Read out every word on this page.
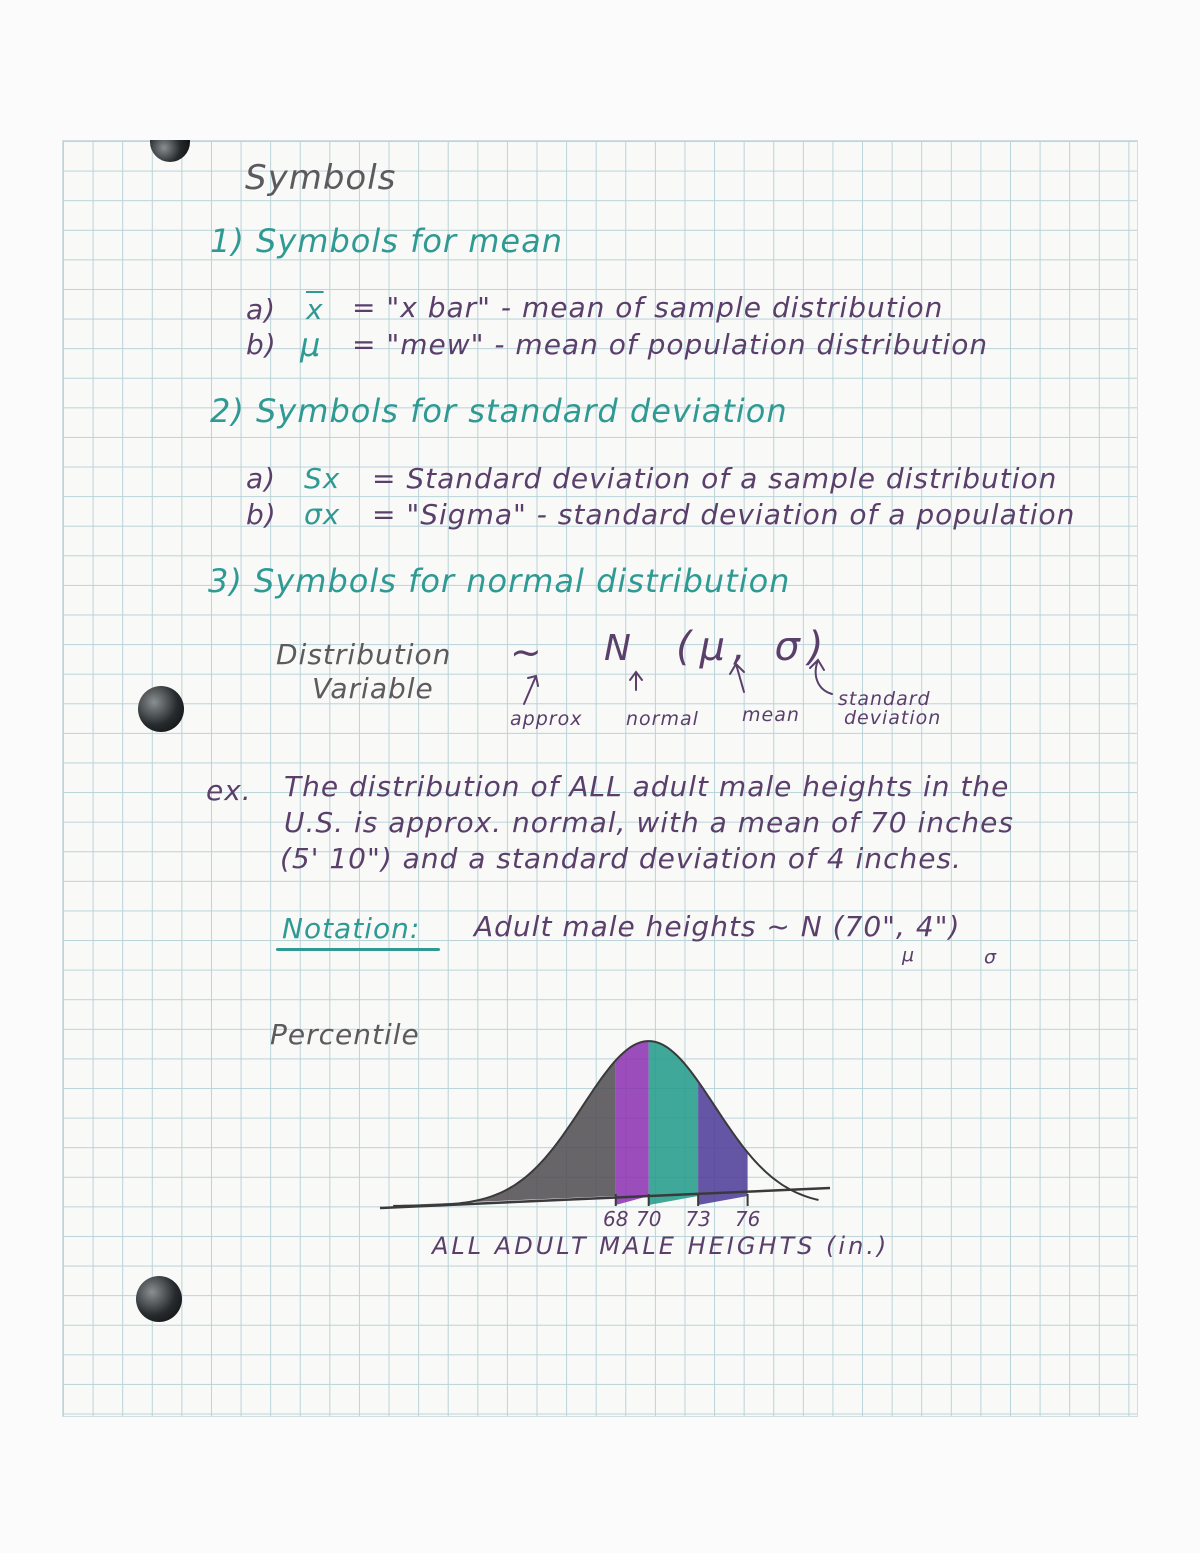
Symbols
1) Symbols for mean
a) $\overline{x}$ = "x bar" - mean of sample distribution
b) μ = "mew" - mean of population distribution
2) Symbols for standard deviation
a) Sx = Standard deviation of a sample distribution
b) σx = "Sigma" - standard deviation of a population
3) Symbols for normal distribution
Distribution
Variable
~ N (μ, σ)
approx normal mean
standard
deviation
ex. The distribution of ALL adult male heights in the
U.S. is approx. normal, with a mean of 70 inches
(5' 10") and a standard deviation of 4 inches.
Notation: Adult male heights ~ N (70", 4")
μ	σ
Percentile
68 70 73 76
ALL ADULT MALE HEIGHTS (in.)
